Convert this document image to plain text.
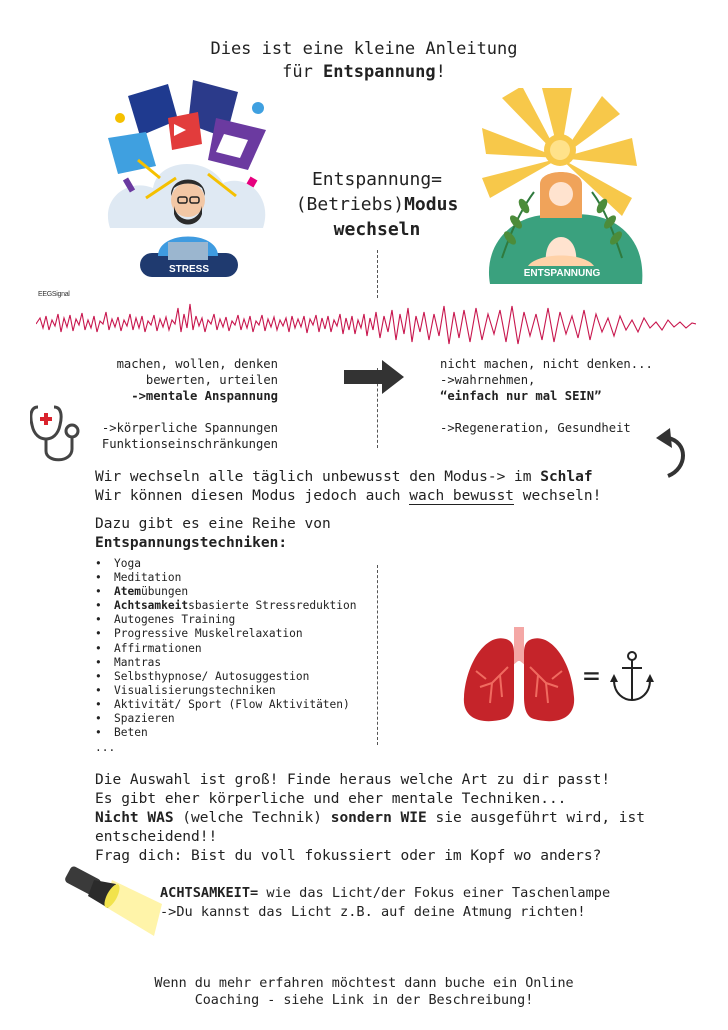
Dies ist eine kleine Anleitung
für Entspannung!
STRESS	ENTSPANNUNG
Entspannung=
(Betriebs)Modus
wechseln
EEGSignal
machen, wollen, denken
bewerten, urteilen
->mentale Anspannung
->körperliche Spannungen
Funktionseinschränkungen
nicht machen, nicht denken...
->wahrnehmen,
“einfach nur mal SEIN”
->Regeneration, Gesundheit
Wir wechseln alle täglich unbewusst den Modus-> im Schlaf
Wir können diesen Modus jedoch auch wach bewusst wechseln!
Dazu gibt es eine Reihe von
Entspannungstechniken:
• Yoga
• Meditation
• Atemübungen
• Achtsamkeitsbasierte Stressreduktion
• Autogenes Training
• Progressive Muskelrelaxation
• Affirmationen
• Mantras
• Selbsthypnose/ Autosuggestion
• Visualisierungstechniken
• Aktivität/ Sport (Flow Aktivitäten)
• Spazieren
• Beten
...
=
Die Auswahl ist groß! Finde heraus welche Art zu dir passt!
Es gibt eher körperliche und eher mentale Techniken...
Nicht WAS (welche Technik) sondern WIE sie ausgeführt wird, ist
entscheidend!!
Frag dich: Bist du voll fokussiert oder im Kopf wo anders?
ACHTSAMKEIT= wie das Licht/der Fokus einer Taschenlampe
->Du kannst das Licht z.B. auf deine Atmung richten!
Wenn du mehr erfahren möchtest dann buche ein Online
Coaching - siehe Link in der Beschreibung!
